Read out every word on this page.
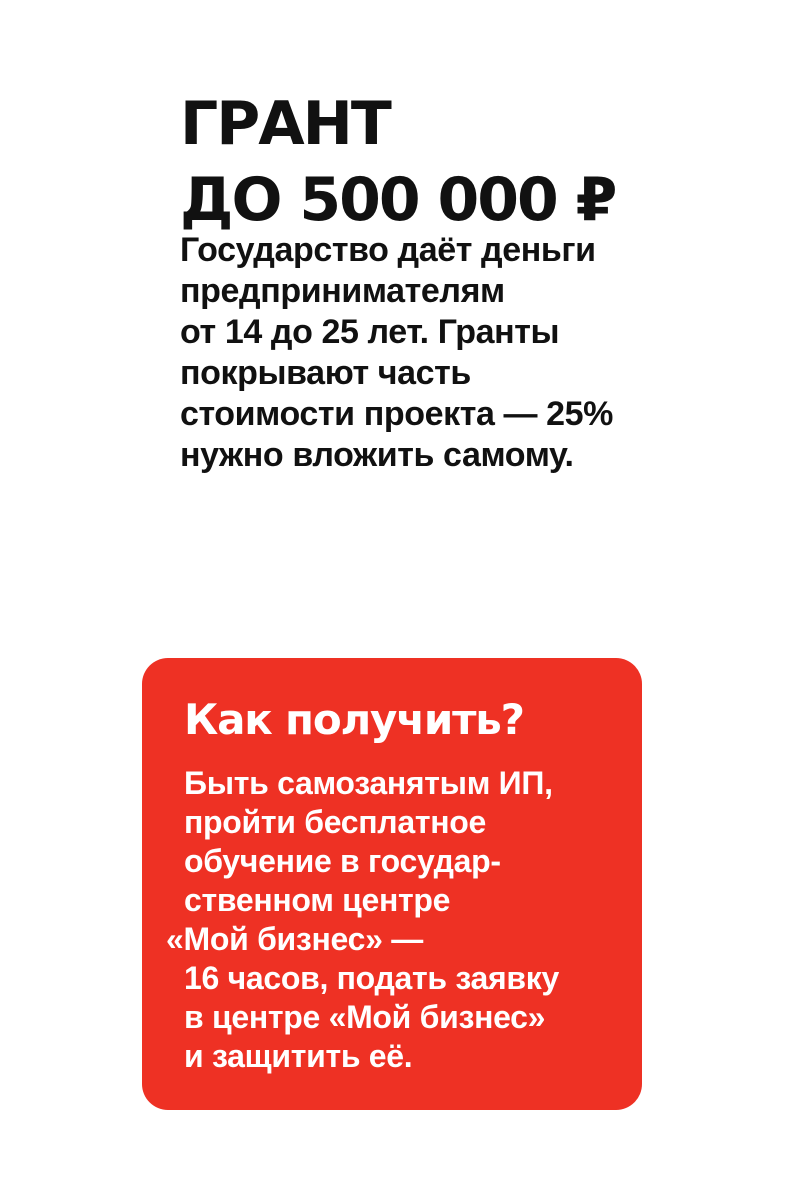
ГРАНТ
ДО 500 000 ₽

Государство даёт деньги
предпринимателям
от 14 до 25 лет. Гранты
покрывают часть
стоимости проекта — 25%
нужно вложить самому.

Как получить?

Быть самозанятым ИП,
пройти бесплатное
обучение в государ-
ственном центре
«Мой бизнес» —
16 часов, подать заявку
в центре «Мой бизнес»
и защитить её.
